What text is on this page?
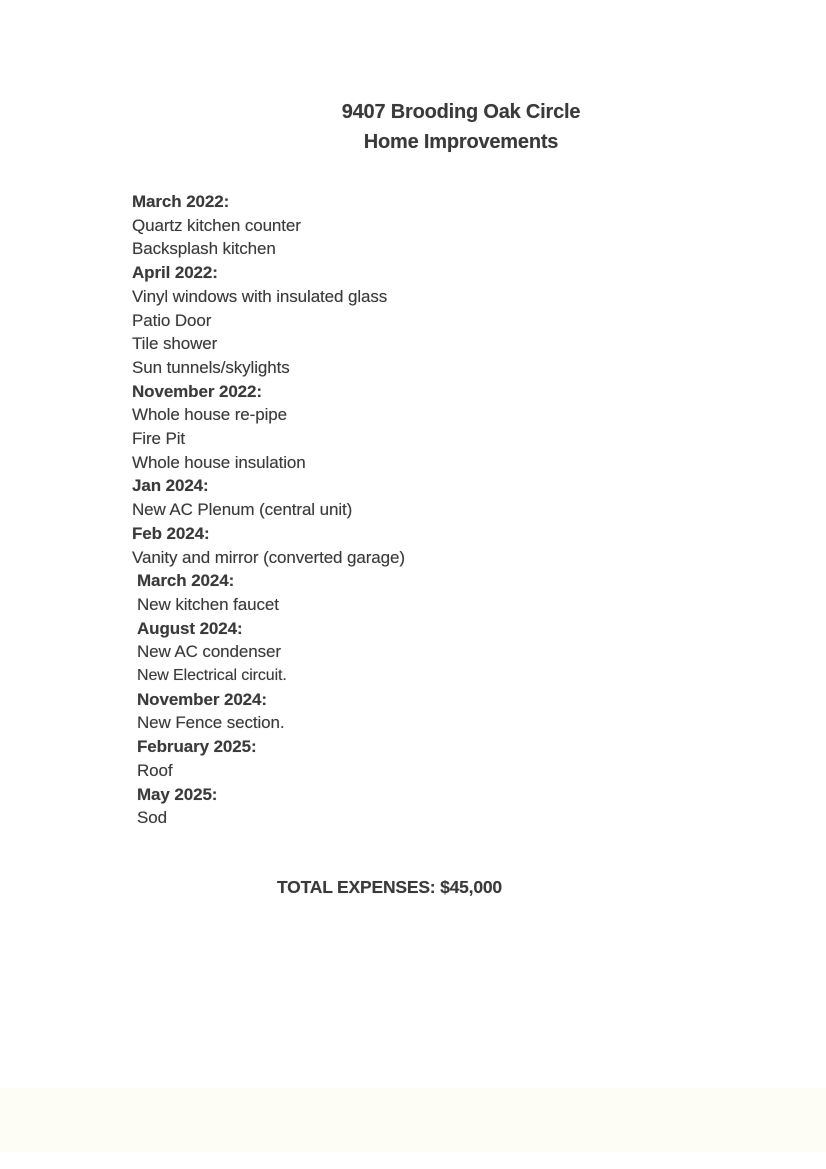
9407 Brooding Oak Circle
Home Improvements
March 2022:
Quartz kitchen counter
Backsplash kitchen
April 2022:
Vinyl windows with insulated glass
Patio Door
Tile shower
Sun tunnels/skylights
November 2022:
Whole house re-pipe
Fire Pit
Whole house insulation
Jan 2024:
New AC Plenum (central unit)
Feb 2024:
Vanity and mirror (converted garage)
March 2024:
New kitchen faucet
August 2024:
New AC condenser
New Electrical circuit.
November 2024:
New Fence section.
February 2025:
Roof
May 2025:
Sod
TOTAL EXPENSES: $45,000
